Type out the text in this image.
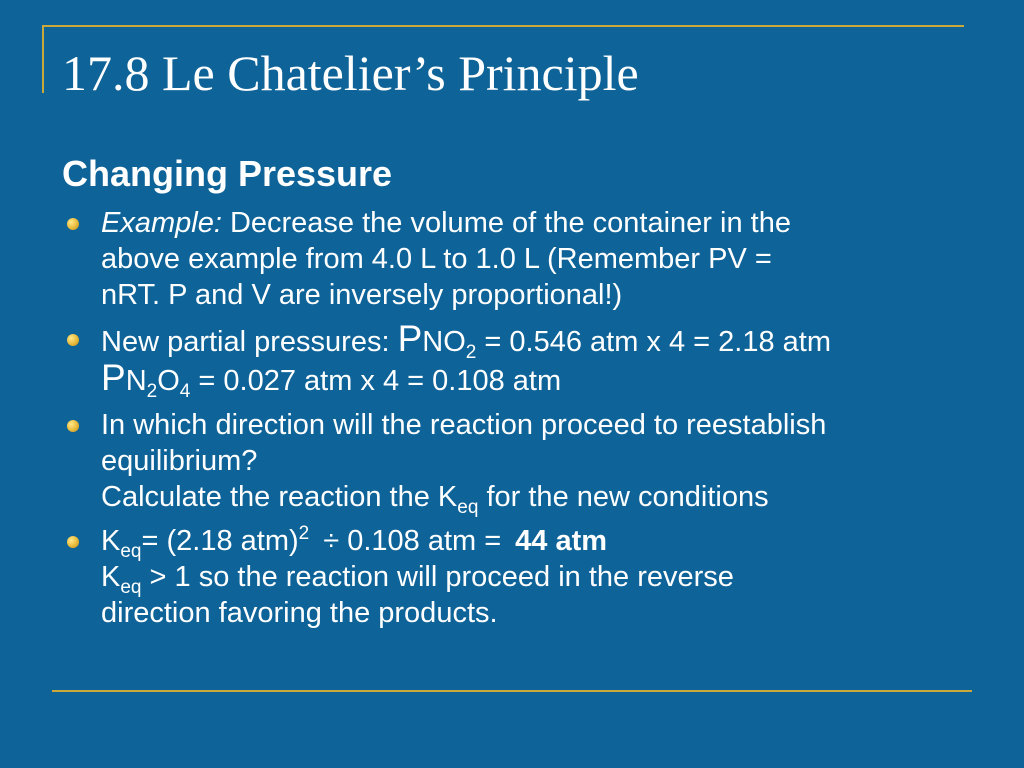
17.8 Le Chatelier’s Principle
Changing Pressure
Example: Decrease the volume of the container in the
above example from 4.0 L to 1.0 L (Remember PV =
nRT. P and V are inversely proportional!)
New partial pressures: $PNO_2 = 0.546$ atm x 4 = 2.18 atm
$PN_2O_4 = 0.027$ atm x 4 = 0.108 atm
In which direction will the reaction proceed to reestablish
equilibrium?
Calculate the reaction the $K_{eq}$ for the new conditions
$K_{eq}= (2.18$ atm)$^2$ ÷ 0.108 atm = 44 atm
$K_{eq} > 1$ so the reaction will proceed in the reverse
direction favoring the products.
